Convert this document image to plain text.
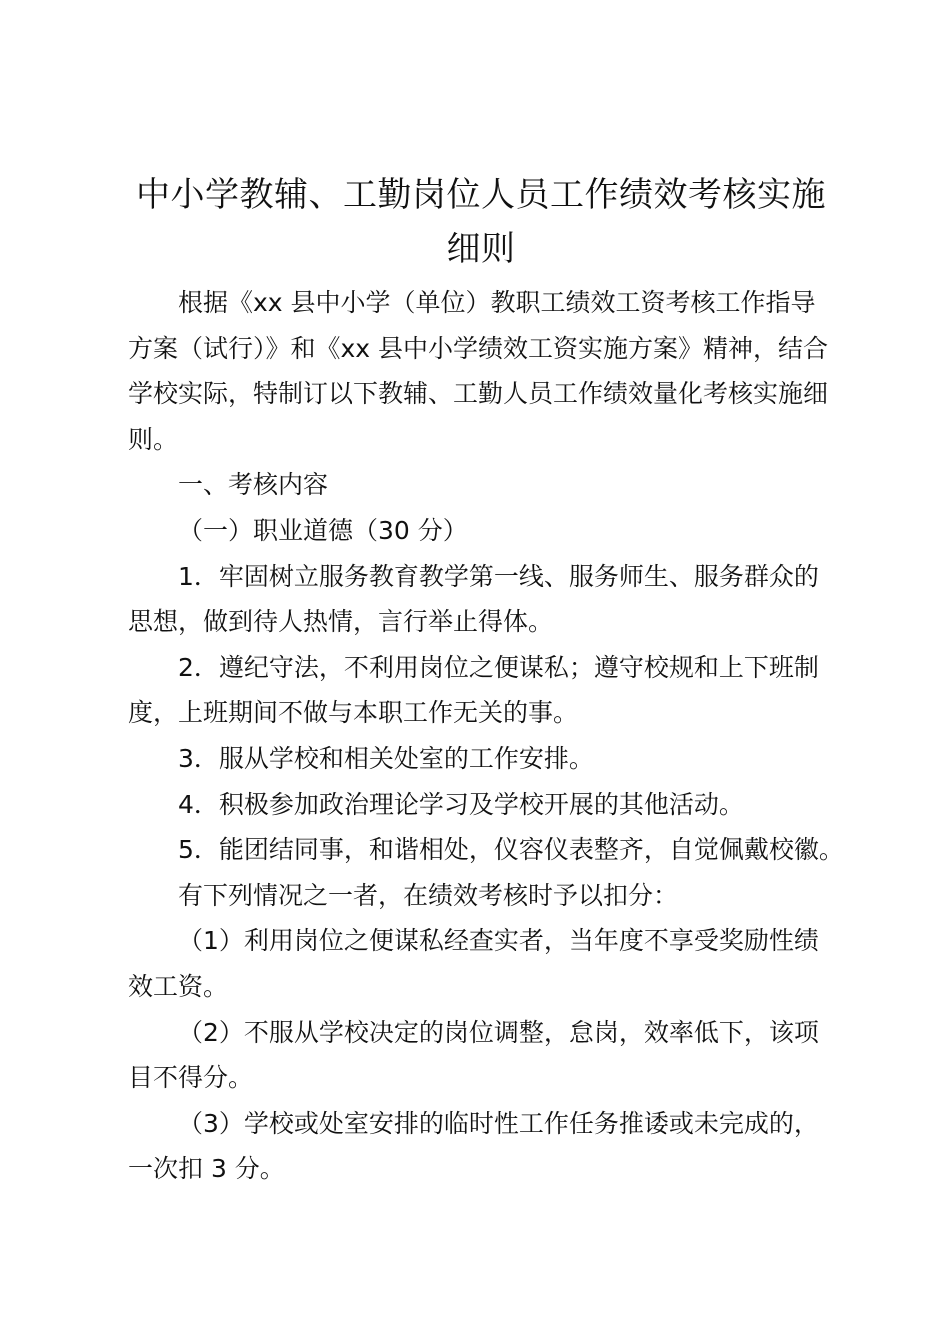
中小学教辅、工勤岗位人员工作绩效考核实施细则

根据《xx 县中小学（单位）教职工绩效工资考核工作指导方案（试行）》和《xx 县中小学绩效工资实施方案》精神，结合学校实际，特制订以下教辅、工勤人员工作绩效量化考核实施细则。

一、考核内容

（一）职业道德（30 分）

1．牢固树立服务教育教学第一线、服务师生、服务群众的思想，做到待人热情，言行举止得体。

2．遵纪守法，不利用岗位之便谋私；遵守校规和上下班制度，上班期间不做与本职工作无关的事。

3．服从学校和相关处室的工作安排。

4．积极参加政治理论学习及学校开展的其他活动。

5．能团结同事，和谐相处，仪容仪表整齐，自觉佩戴校徽。

有下列情况之一者，在绩效考核时予以扣分：

（1）利用岗位之便谋私经查实者，当年度不享受奖励性绩效工资。

（2）不服从学校决定的岗位调整，怠岗，效率低下，该项目不得分。

（3）学校或处室安排的临时性工作任务推诿或未完成的，一次扣 3 分。
